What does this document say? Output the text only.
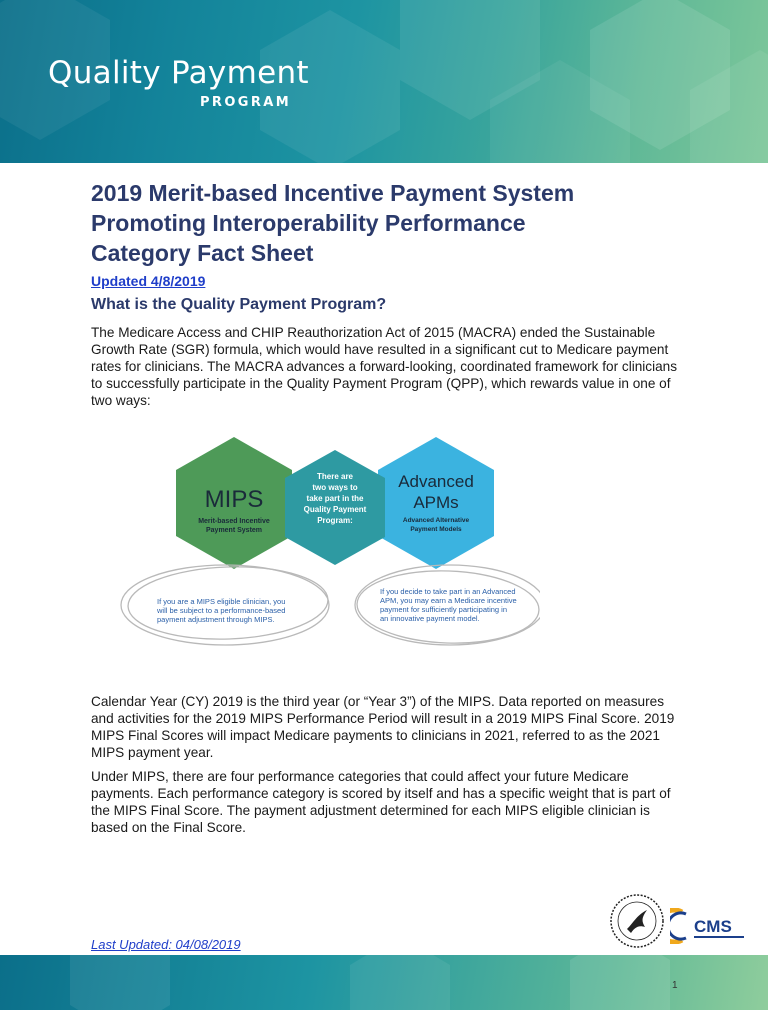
Quality Payment
PROGRAM
2019 Merit-based Incentive Payment System
Promoting Interoperability Performance
Category Fact Sheet
Updated 4/8/2019
What is the Quality Payment Program?

The Medicare Access and CHIP Reauthorization Act of 2015 (MACRA) ended the Sustainable Growth Rate (SGR) formula, which would have resulted in a significant cut to Medicare payment rates for clinicians. The MACRA advances a forward-looking, coordinated framework for clinicians to successfully participate in the Quality Payment Program (QPP), which rewards value in one of two ways:

MIPS
Merit-based Incentive
Payment System
There are
two ways to
take part in the
Quality Payment
Program:
Advanced
APMs
Advanced Alternative
Payment Models
If you are a MIPS eligible clinician, you
will be subject to a performance-based
payment adjustment through MIPS.
If you decide to take part in an Advanced
APM, you may earn a Medicare incentive
payment for sufficiently participating in
an innovative payment model.

Calendar Year (CY) 2019 is the third year (or “Year 3”) of the MIPS. Data reported on measures and activities for the 2019 MIPS Performance Period will result in a 2019 MIPS Final Score. 2019 MIPS Final Scores will impact Medicare payments to clinicians in 2021, referred to as the 2021 MIPS payment year.

Under MIPS, there are four performance categories that could affect your future Medicare payments. Each performance category is scored by itself and has a specific weight that is part of the MIPS Final Score. The payment adjustment determined for each MIPS eligible clinician is based on the Final Score.

CMS
Last Updated: 04/08/2019
1
